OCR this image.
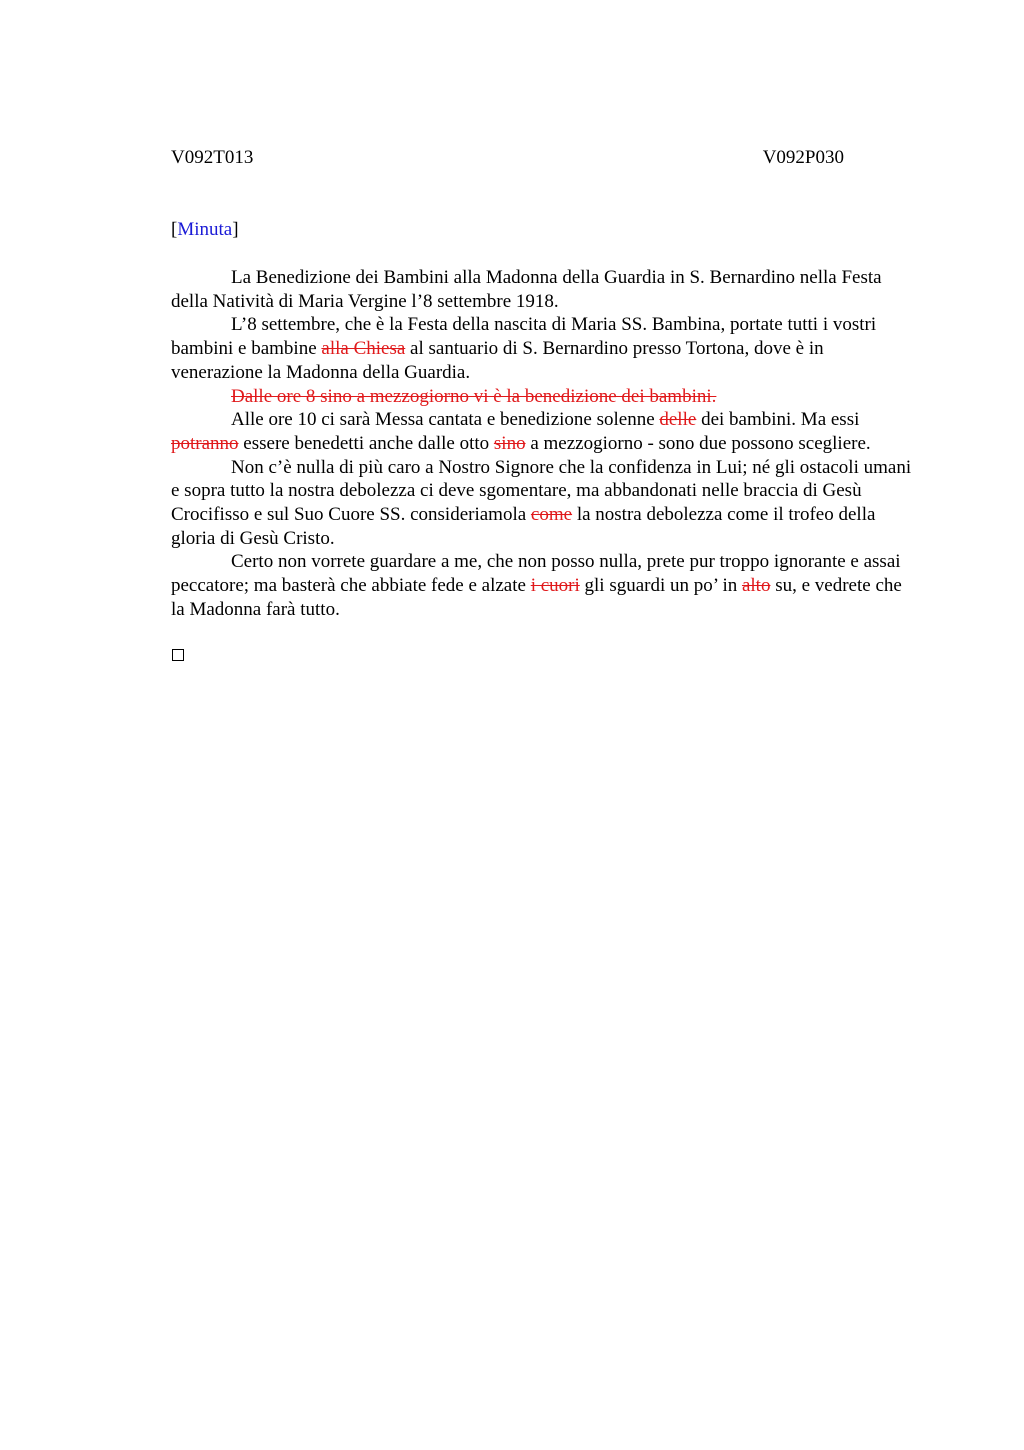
V092T013	V092P030
[Minuta]

La Benedizione dei Bambini alla Madonna della Guardia in S. Bernardino nella Festa della Natività di Maria Vergine l’8 settembre 1918.

L’8 settembre, che è la Festa della nascita di Maria SS. Bambina, portate tutti i vostri bambini e bambine alla Chiesa al santuario di S. Bernardino presso Tortona, dove è in venerazione la Madonna della Guardia.

Dalle ore 8 sino a mezzogiorno vi è la benedizione dei bambini.

Alle ore 10 ci sarà Messa cantata e benedizione solenne delle dei bambini. Ma essi potranno essere benedetti anche dalle otto sino a mezzogiorno - sono due possono scegliere.

Non c’è nulla di più caro a Nostro Signore che la confidenza in Lui; né gli ostacoli umani e sopra tutto la nostra debolezza ci deve sgomentare, ma abbandonati nelle braccia di Gesù Crocifisso e sul Suo Cuore SS. consideriamola come la nostra debolezza come il trofeo della gloria di Gesù Cristo.

Certo non vorrete guardare a me, che non posso nulla, prete pur troppo ignorante e assai peccatore; ma basterà che abbiate fede e alzate i cuori gli sguardi un po’ in alto su, e vedrete che la Madonna farà tutto.
